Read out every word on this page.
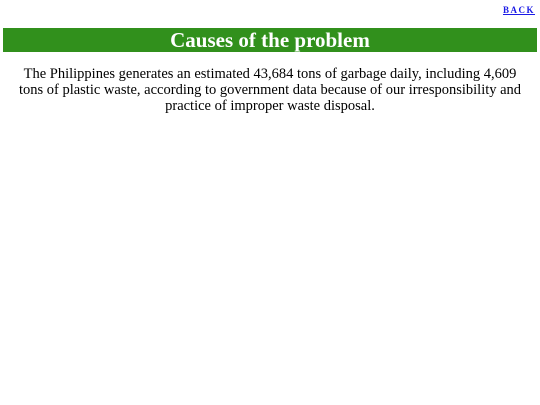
BACK
Causes of the problem

The Philippines generates an estimated 43,684 tons of garbage daily, including 4,609 tons of plastic waste, according to government data because of our irresponsibility and practice of improper waste disposal.
